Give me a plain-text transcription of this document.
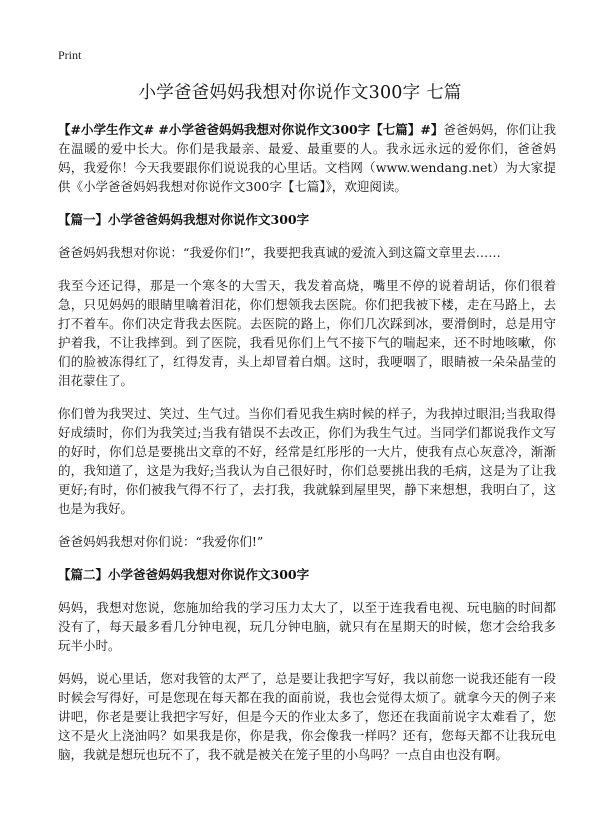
Print
小学爸爸妈妈我想对你说作文300字 七篇

【#小学生作文# #小学爸爸妈妈我想对你说作文300字【七篇】#】爸爸妈妈，你们让我在温暖的爱中长大。你们是我最亲、最爱、最重要的人。我永远永远的爱你们，爸爸妈妈，我爱你！今天我要跟你们说说我的心里话。文档网（www.wendang.net）为大家提供《小学爸爸妈妈我想对你说作文300字【七篇】》，欢迎阅读。

【篇一】小学爸爸妈妈我想对你说作文300字

爸爸妈妈我想对你说：“我爱你们!”，我要把我真诚的爱流入到这篇文章里去……

我至今还记得，那是一个寒冬的大雪天，我发着高烧，嘴里不停的说着胡话，你们很着急，只见妈妈的眼睛里噙着泪花，你们想领我去医院。你们把我被下楼，走在马路上，去打不着车。你们决定背我去医院。去医院的路上，你们几次踩到冰，要滑倒时，总是用守护着我，不让我摔到。到了医院，我看见你们上气不接下气的喘起来，还不时地咳嗽，你们的脸被冻得红了，红得发青，头上却冒着白烟。这时，我哽咽了，眼睛被一朵朵晶莹的泪花蒙住了。

你们曾为我哭过、笑过、生气过。当你们看见我生病时候的样子，为我掉过眼泪;当我取得好成绩时，你们为我笑过;当我有错误不去改正，你们为我生气过。当同学们都说我作文写的好时，你们总是要挑出文章的不好，经常是红彤彤的一大片，使我有点心灰意冷，渐渐的，我知道了，这是为我好;当我认为自己很好时，你们总要挑出我的毛病，这是为了让我更好;有时，你们被我气得不行了，去打我，我就躲到屋里哭，静下来想想，我明白了，这也是为我好。

爸爸妈妈我想对你们说：“我爱你们!”

【篇二】小学爸爸妈妈我想对你说作文300字

妈妈，我想对您说，您施加给我的学习压力太大了，以至于连我看电视、玩电脑的时间都没有了，每天最多看几分钟电视，玩几分钟电脑，就只有在星期天的时候，您才会给我多玩半小时。

妈妈，说心里话，您对我管的太严了，总是要让我把字写好，我以前您一说我还能有一段时候会写得好，可是您现在每天都在我的面前说，我也会觉得太烦了。就拿今天的例子来讲吧，你老是要让我把字写好，但是今天的作业太多了，您还在我面前说字太难看了，您这不是火上浇油吗？如果我是你，你是我，你会像我一样吗？还有，您每天都不让我玩电脑，我就是想玩也玩不了，我不就是被关在笼子里的小鸟吗？一点自由也没有啊。
